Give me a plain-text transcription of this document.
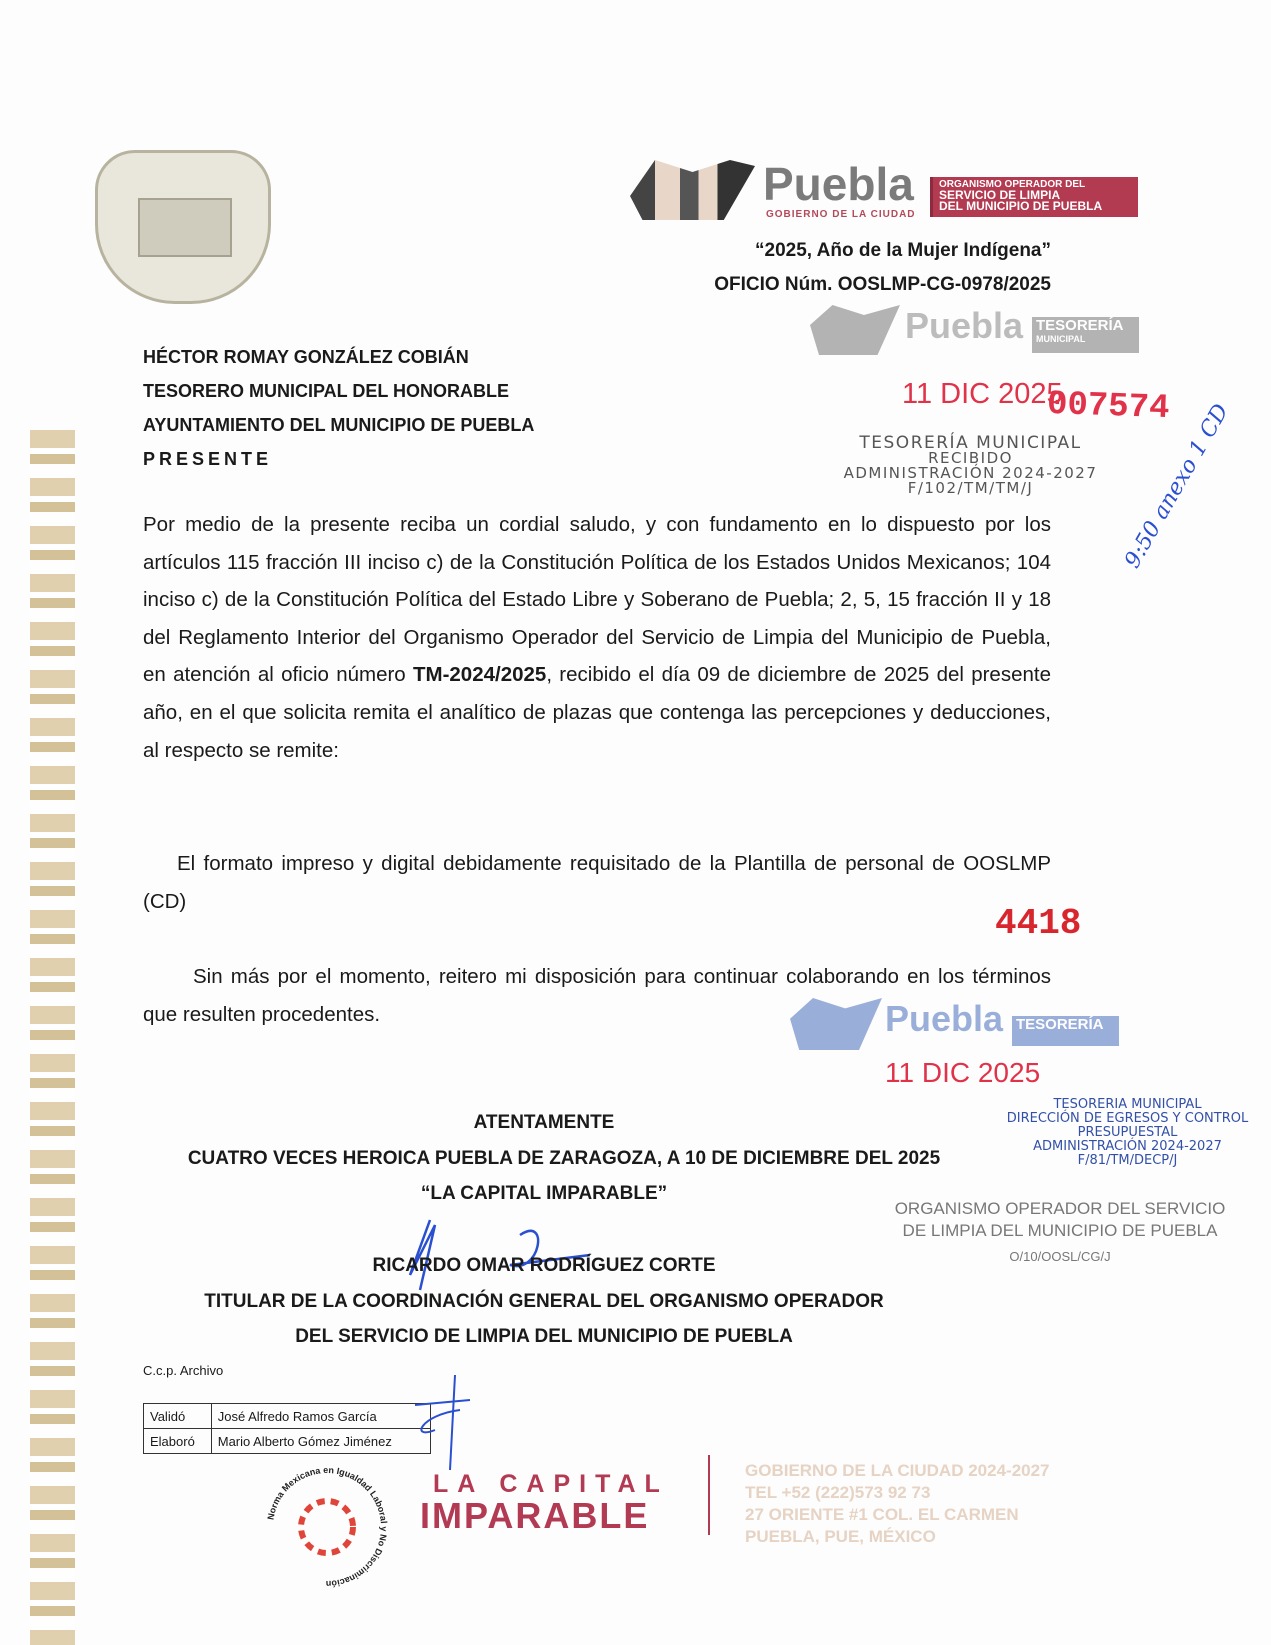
Puebla
GOBIERNO DE LA CIUDAD
ORGANISMO OPERADOR DEL
SERVICIO DE LIMPIA
DEL MUNICIPIO DE PUEBLA
“2025, Año de la Mujer Indígena”
OFICIO Núm. OOSLMP-CG-0978/2025
Puebla TESORERÍA
MUNICIPAL
11 DIC 2025
007574
TESORERÍA MUNICIPAL
RECIBIDO
ADMINISTRACIÓN 2024-2027
F/102/TM/TM/J	9:50 anexo 1 CD
HÉCTOR ROMAY GONZÁLEZ COBIÁN
TESORERO MUNICIPAL DEL HONORABLE
AYUNTAMIENTO DEL MUNICIPIO DE PUEBLA
PRESENTE
Por medio de la presente reciba un cordial saludo, y con fundamento en lo dispuesto por los artículos 115 fracción III inciso c) de la Constitución Política de los Estados Unidos Mexicanos; 104 inciso c) de la Constitución Política del Estado Libre y Soberano de Puebla; 2, 5, 15 fracción II y 18 del Reglamento Interior del Organismo Operador del Servicio de Limpia del Municipio de Puebla, en atención al oficio número TM-2024/2025, recibido el día 09 de diciembre de 2025 del presente año, en el que solicita remita el analítico de plazas que contenga las percepciones y deducciones, al respecto se remite:
El formato impreso y digital debidamente requisitado de la Plantilla de personal de OOSLMP (CD)
Sin más por el momento, reitero mi disposición para continuar colaborando en los términos que resulten procedentes.
4418
Puebla TESORERÍA
11 DIC 2025
TESORERIA MUNICIPAL
DIRECCIÓN DE EGRESOS Y CONTROL
PRESUPUESTAL
ADMINISTRACIÓN 2024-2027
F/81/TM/DECP/J
ATENTAMENTE
CUATRO VECES HEROICA PUEBLA DE ZARAGOZA, A 10 DE DICIEMBRE DEL 2025
“LA CAPITAL IMPARABLE”
ORGANISMO OPERADOR DEL SERVICIO
DE LIMPIA DEL MUNICIPIO DE PUEBLA
O/10/OOSL/CG/J
RICARDO OMAR RODRÍGUEZ CORTE
TITULAR DE LA COORDINACIÓN GENERAL DEL ORGANISMO OPERADOR
DEL SERVICIO DE LIMPIA DEL MUNICIPIO DE PUEBLA
C.c.p. Archivo
Validó	José Alfredo Ramos García
Elaboró	Mario Alberto Gómez Jiménez
Norma Mexicana en Igualdad Laboral y No Discriminación
LA CAPITAL
IMPARABLE
GOBIERNO DE LA CIUDAD 2024-2027
TEL +52 (222)573 92 73
27 ORIENTE #1 COL. EL CARMEN
PUEBLA, PUE, MÉXICO
